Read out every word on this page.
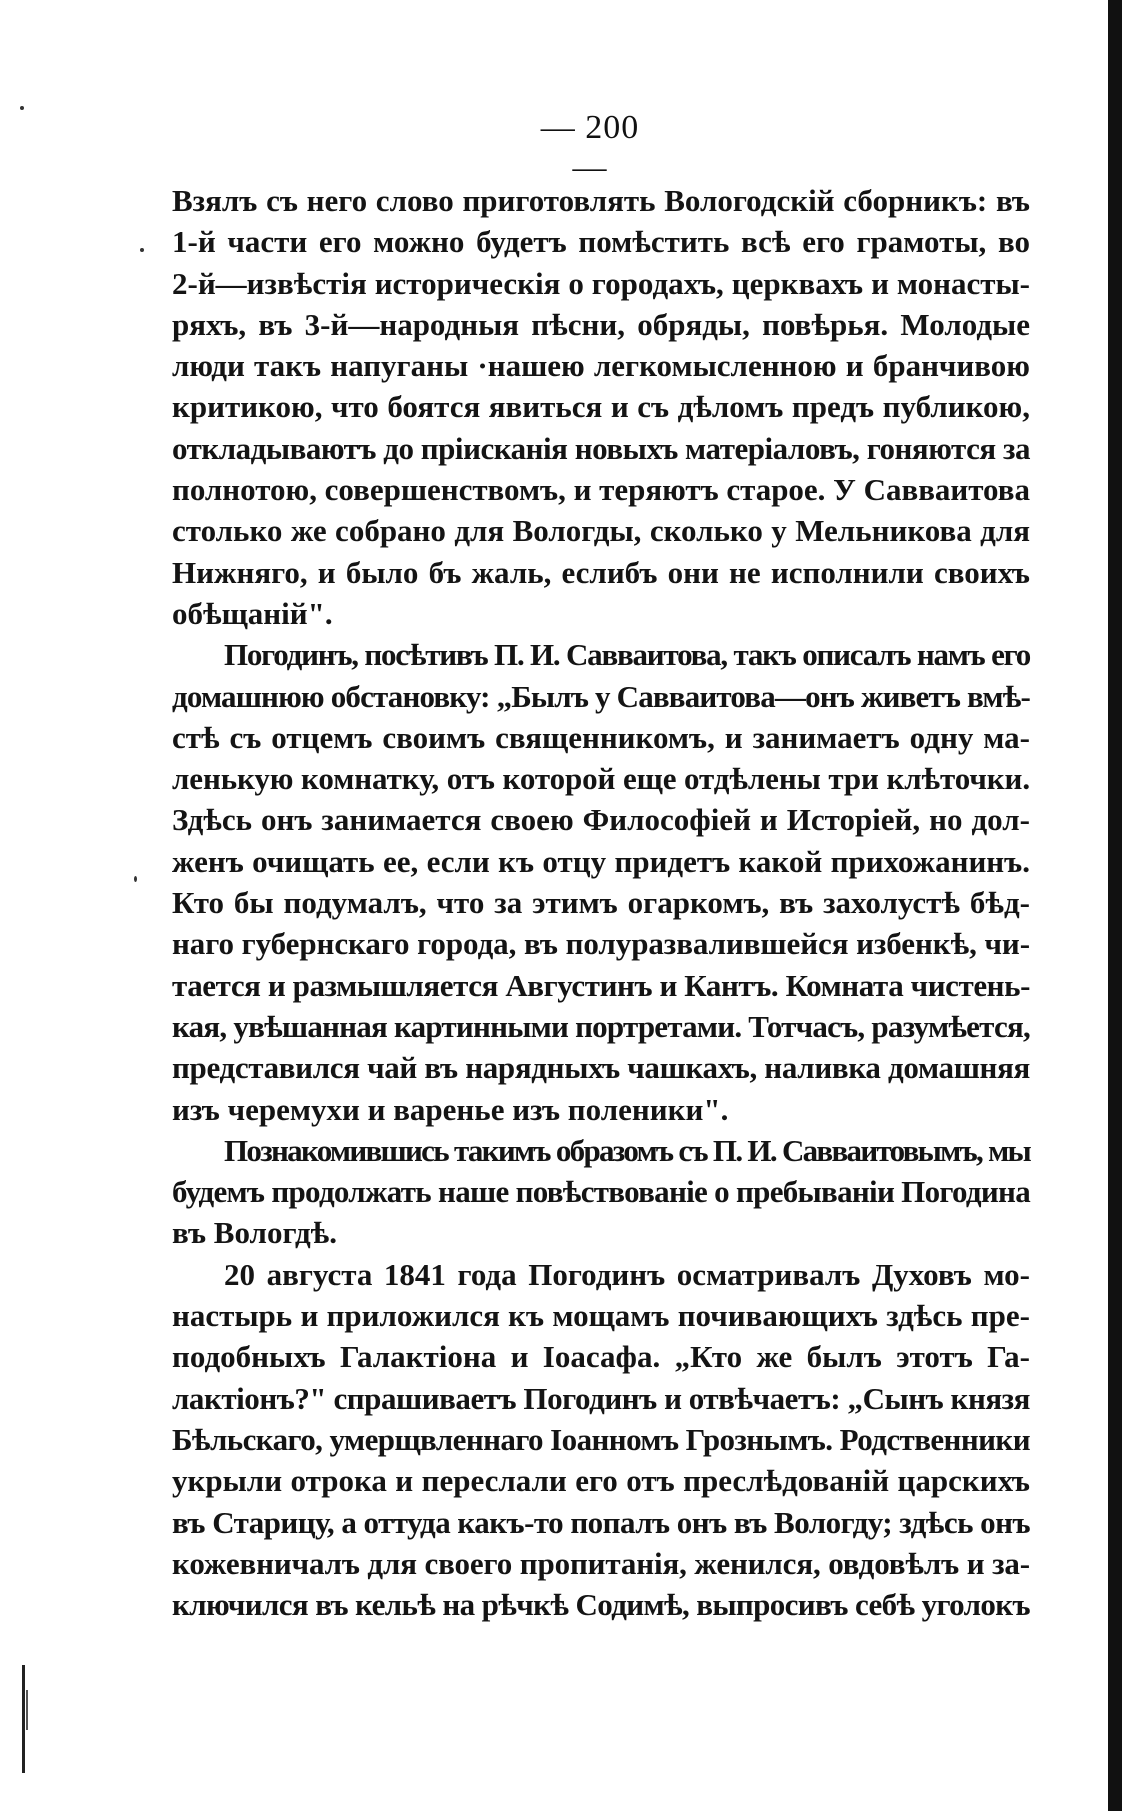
— 200 —
Взялъ съ него слово приготовлять Вологодскій сборникъ: въ
1-й части его можно будетъ помѣстить всѣ его грамоты, во
2-й—извѣстія историческія о городахъ, церквахъ и монасты-
ряхъ, въ 3-й—народныя пѣсни, обряды, повѣрья. Молодые
люди такъ напуганы ·нашею легкомысленною и бранчивою
критикою, что боятся явиться и съ дѣломъ предъ публикою,
откладываютъ до пріисканія новыхъ матеріаловъ, гоняются за
полнотою, совершенствомъ, и теряютъ старое. У Савваитова
столько же собрано для Вологды, сколько у Мельникова для
Нижняго, и было бъ жаль, еслибъ они не исполнили своихъ
обѣщаній".
Погодинъ, посѣтивъ П. И. Савваитова, такъ описалъ намъ его
домашнюю обстановку: „Былъ у Савваитова—онъ живетъ вмѣ-
стѣ съ отцемъ своимъ священникомъ, и занимаетъ одну ма-
ленькую комнатку, отъ которой еще отдѣлены три клѣточки.
Здѣсь онъ занимается своею Философіей и Исторіей, но дол-
женъ очищать ее, если къ отцу придетъ какой прихожанинъ.
Кто бы подумалъ, что за этимъ огаркомъ, въ захолустѣ бѣд-
наго губернскаго города, въ полуразвалившейся избенкѣ, чи-
тается и размышляется Августинъ и Кантъ. Комната чистень-
кая, увѣшанная картинными портретами. Тотчасъ, разумѣется,
представился чай въ нарядныхъ чашкахъ, наливка домашняя
изъ черемухи и варенье изъ поленики".
Познакомившись такимъ образомъ съ П. И. Савваитовымъ, мы
будемъ продолжать наше повѣствованіе о пребываніи Погодина
въ Вологдѣ.
20 августа 1841 года Погодинъ осматривалъ Духовъ мо-
настырь и приложился къ мощамъ почивающихъ здѣсь пре-
подобныхъ Галактіона и Іоасафа. „Кто же былъ этотъ Га-
лактіонъ?" спрашиваетъ Погодинъ и отвѣчаетъ: „Сынъ князя
Бѣльскаго, умерщвленнаго Іоанномъ Грознымъ. Родственники
укрыли отрока и переслали его отъ преслѣдованій царскихъ
въ Старицу, а оттуда какъ-то попалъ онъ въ Вологду; здѣсь онъ
кожевничалъ для своего пропитанія, женился, овдовѣлъ и за-
ключился въ кельѣ на рѣчкѣ Содимѣ, выпросивъ себѣ уголокъ
